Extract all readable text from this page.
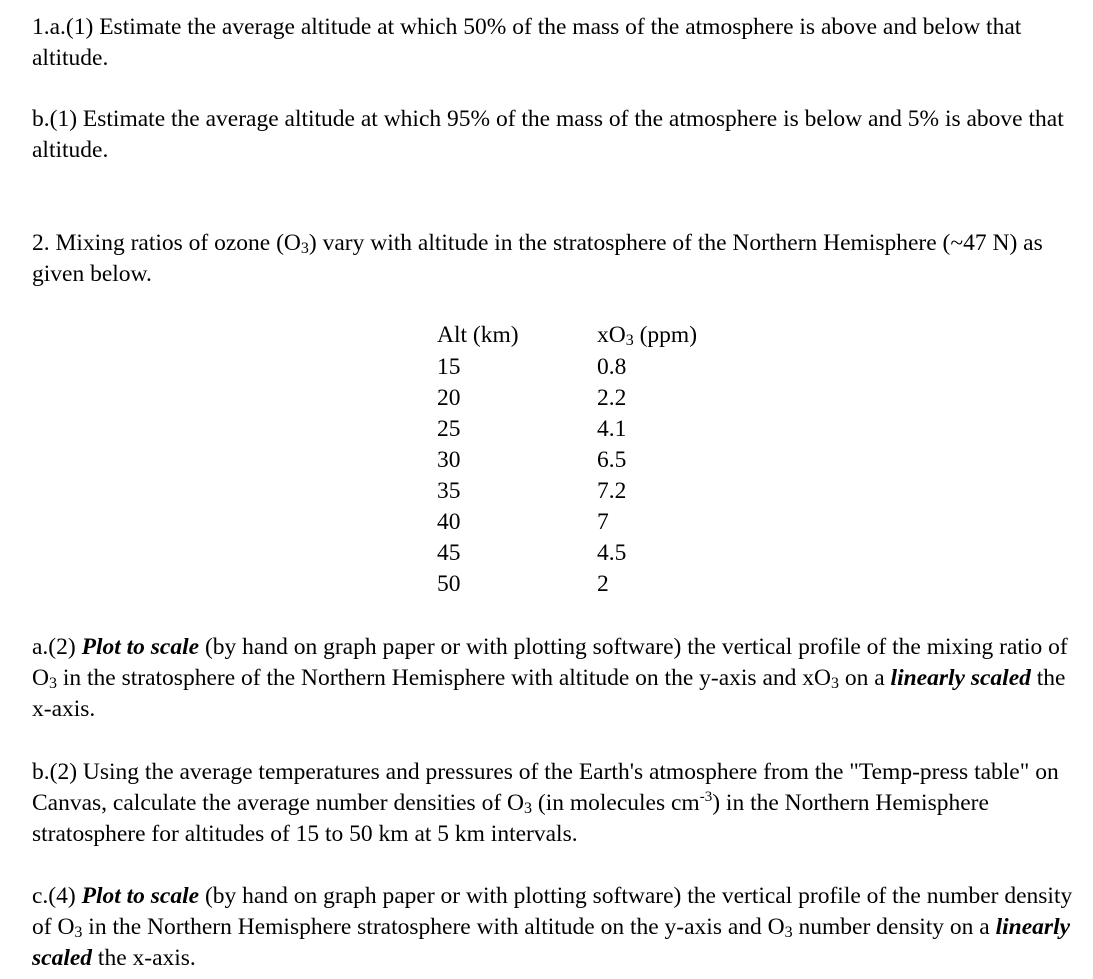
1.a.(1) Estimate the average altitude at which 50% of the mass of the atmosphere is above and below that altitude.

b.(1) Estimate the average altitude at which 95% of the mass of the atmosphere is below and 5% is above that altitude.

2. Mixing ratios of ozone (O3) vary with altitude in the stratosphere of the Northern Hemisphere (~47 N) as given below.

Alt (km)	xO3 (ppm)
15
20
25
30
35
40
45
50
0.8
2.2
4.1
6.5
7.2
7
4.5
2

a.(2) Plot to scale (by hand on graph paper or with plotting software) the vertical profile of the mixing ratio of O3 in the stratosphere of the Northern Hemisphere with altitude on the y-axis and xO3 on a linearly scaled the x-axis.

b.(2) Using the average temperatures and pressures of the Earth's atmosphere from the "Temp-press table" on Canvas, calculate the average number densities of O3 (in molecules $cm^{-3}$) in the Northern Hemisphere stratosphere for altitudes of 15 to 50 km at 5 km intervals.

c.(4) Plot to scale (by hand on graph paper or with plotting software) the vertical profile of the number density of O3 in the Northern Hemisphere stratosphere with altitude on the y-axis and O3 number density on a linearly scaled the x-axis.
